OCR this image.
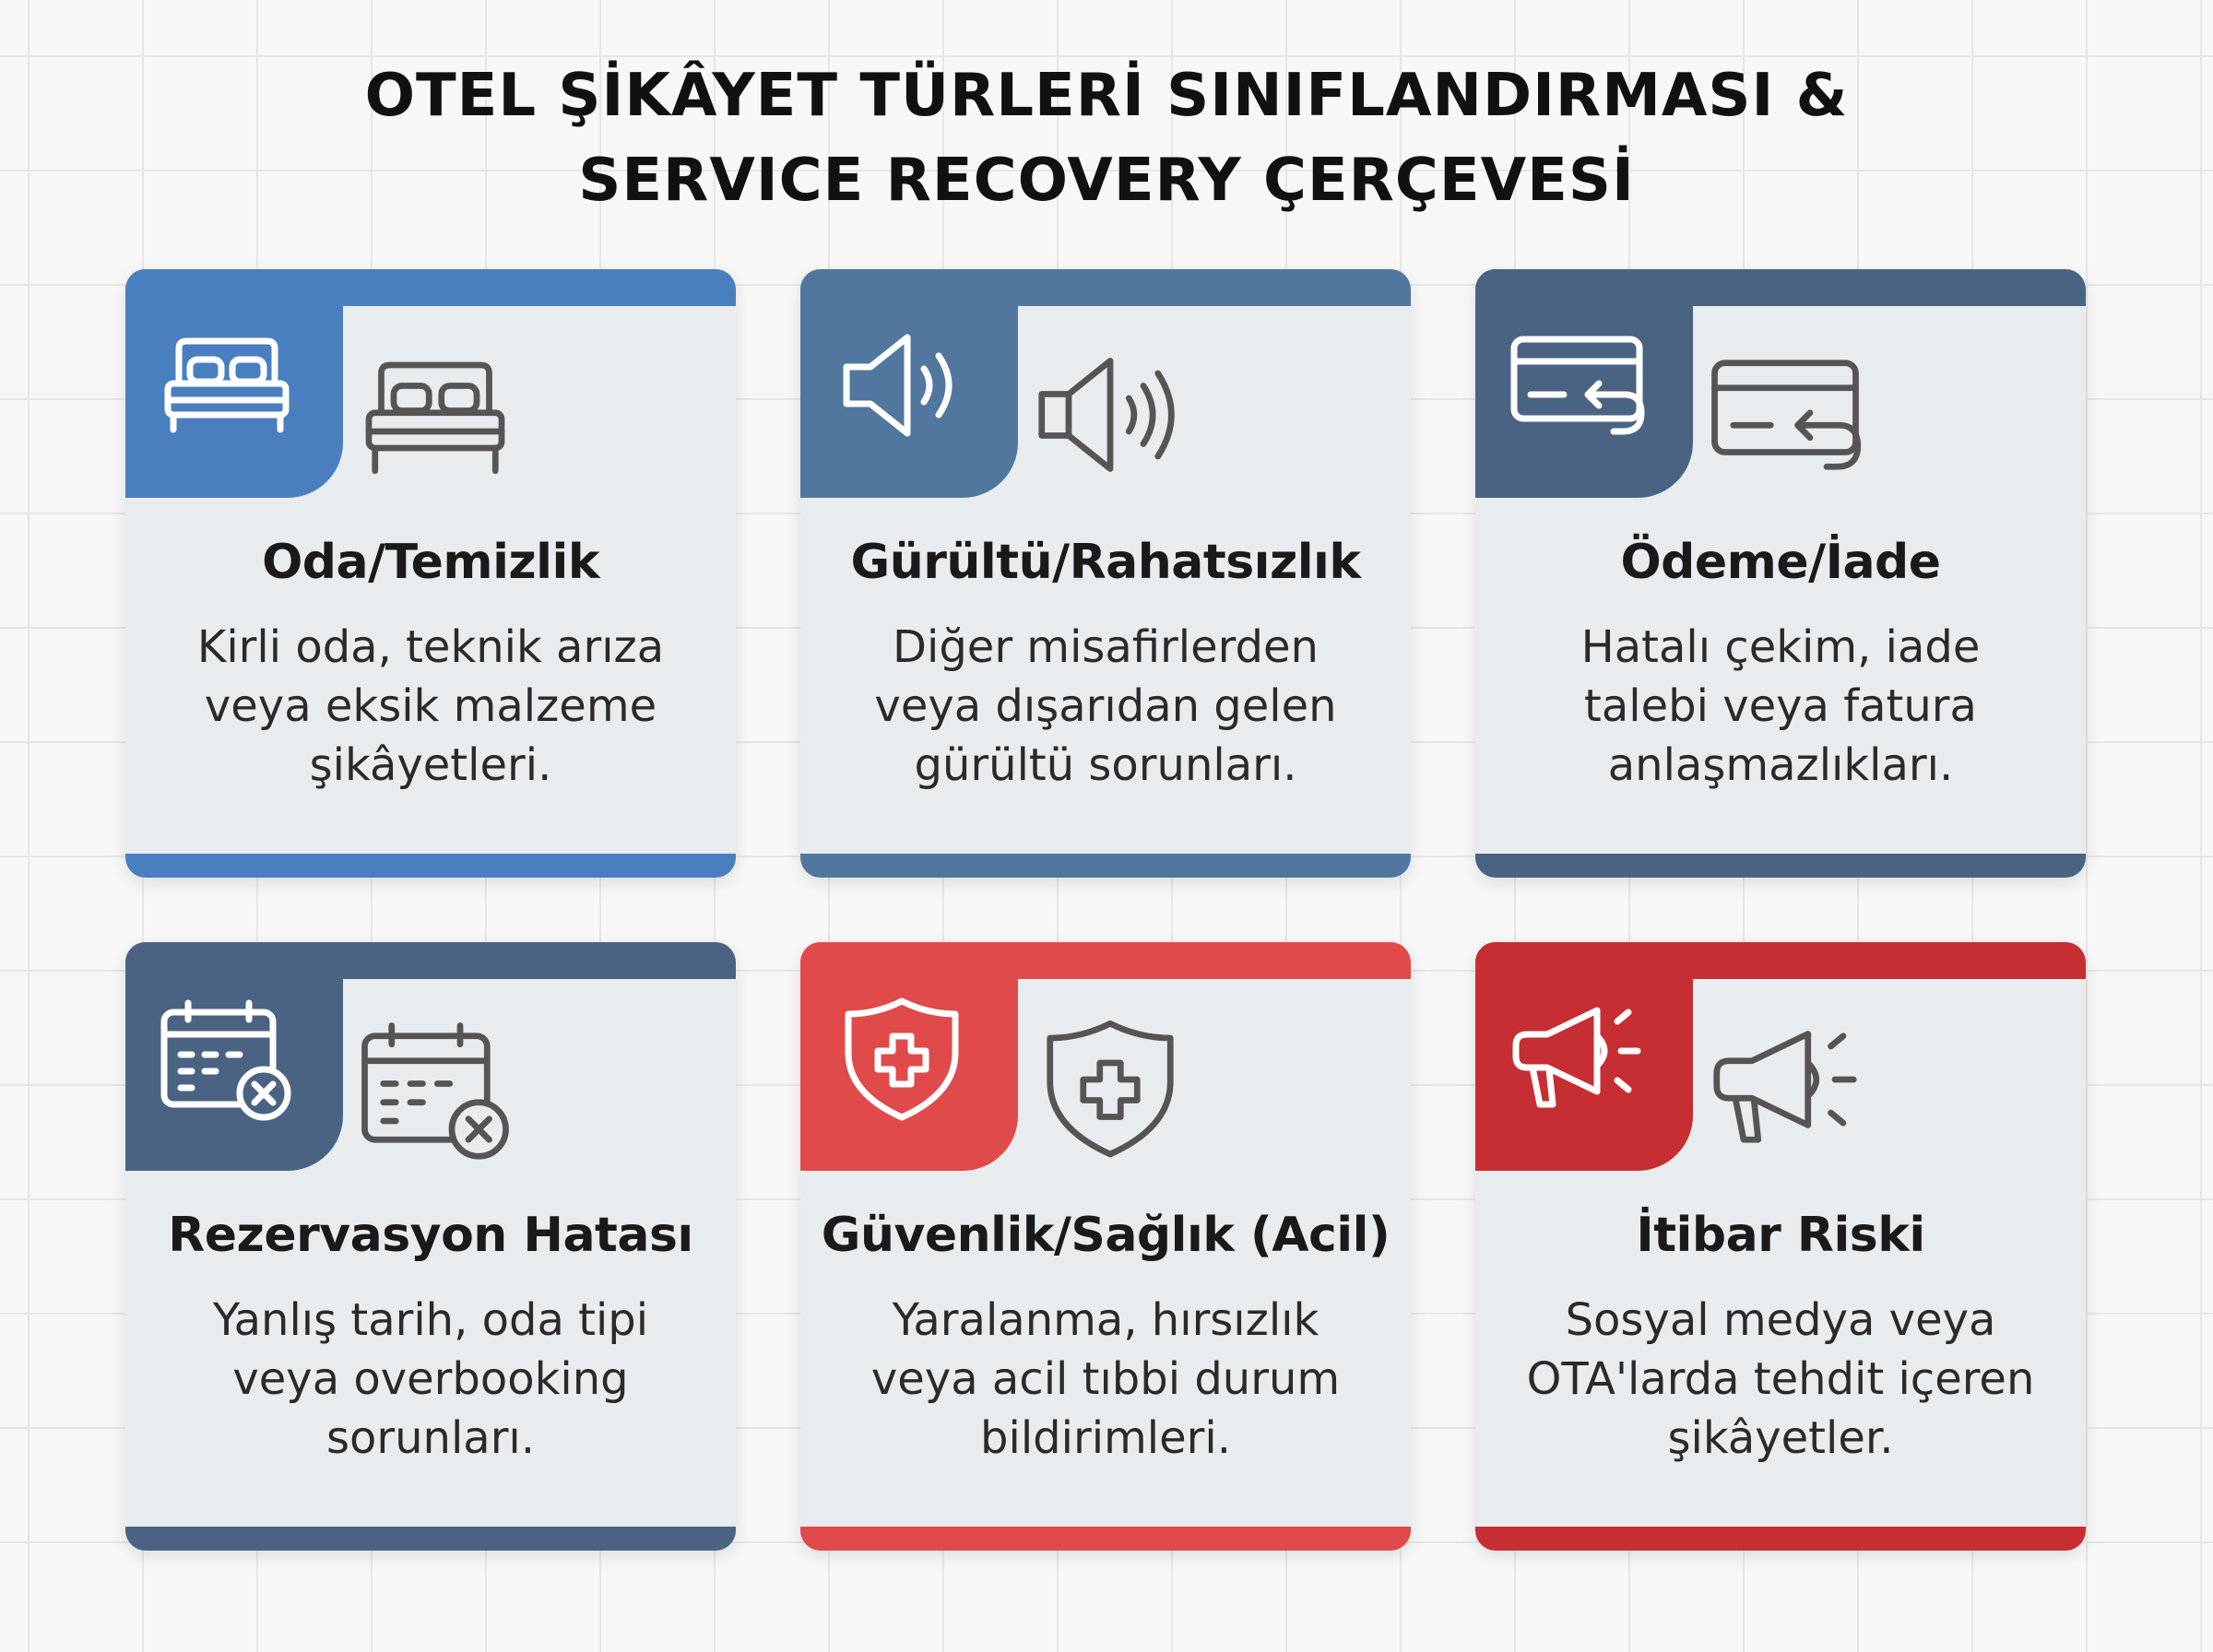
OTEL ŞİKÂYET TÜRLERİ SINIFLANDIRMASI &
SERVICE RECOVERY ÇERÇEVESİ
Oda/Temizlik
Kirli oda, teknik arıza veya eksik malzeme şikâyetleri.
Gürültü/Rahatsızlık
Diğer misafirlerden veya dışarıdan gelen gürültü sorunları.
Ödeme/İade
Hatalı çekim, iade talebi veya fatura anlaşmazlıkları.
Rezervasyon Hatası
Yanlış tarih, oda tipi veya overbooking sorunları.
Güvenlik/Sağlık (Acil)
Yaralanma, hırsızlık veya acil tıbbi durum bildirimleri.
İtibar Riski
Sosyal medya veya OTA'larda tehdit içeren şikâyetler.
